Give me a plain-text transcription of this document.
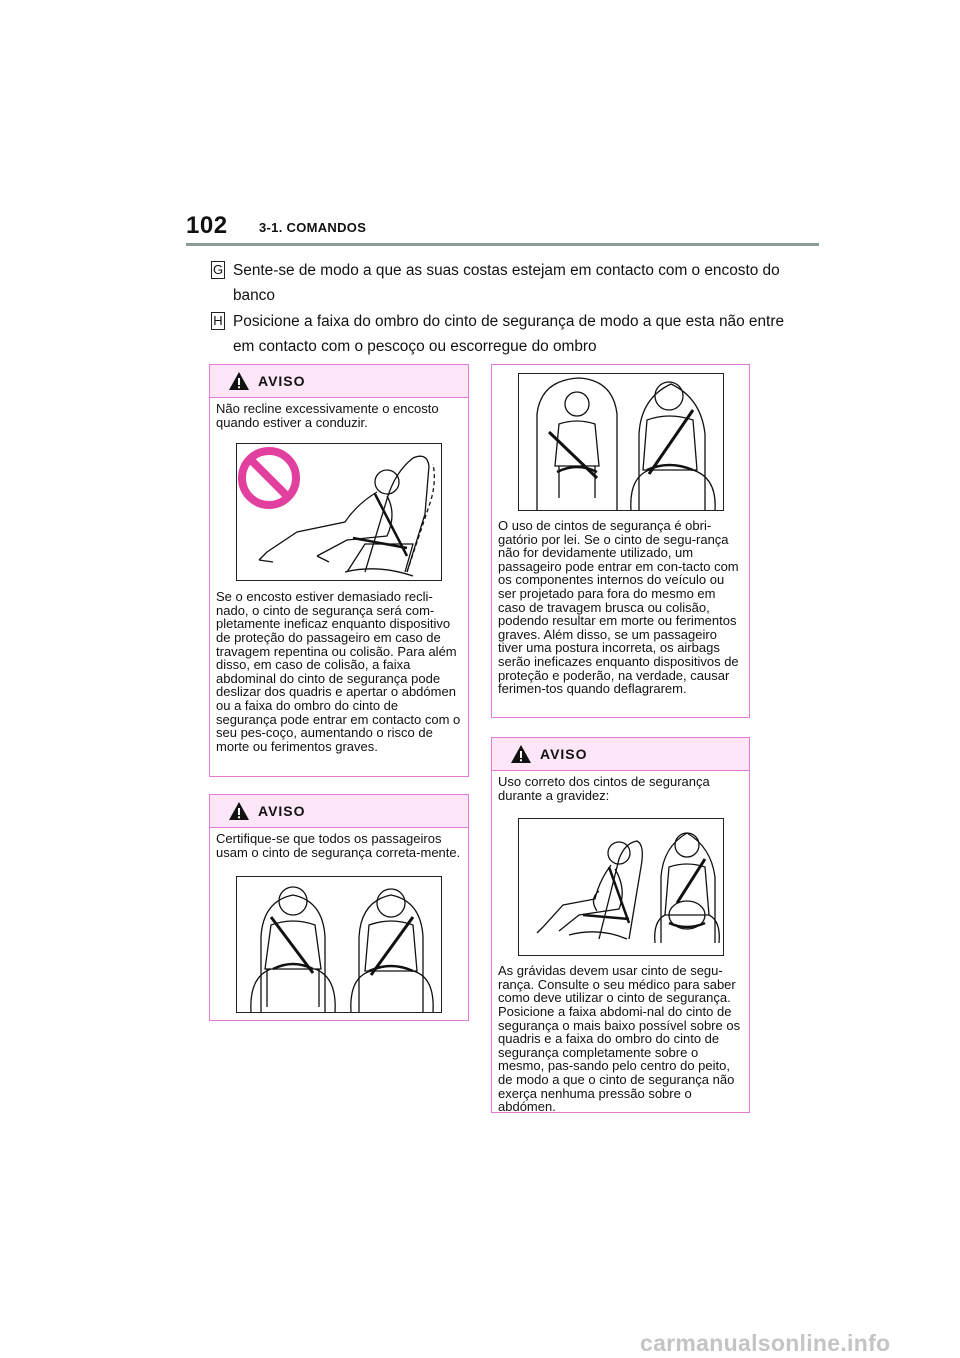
102 3-1. COMANDOS
G Sente-se de modo a que as suas costas estejam em contacto com o encosto do banco
H Posicione a faixa do ombro do cinto de segurança de modo a que esta não entre em contacto com o pescoço ou escorregue do ombro
AVISO
Não recline excessivamente o encosto quando estiver a conduzir.
Se o encosto estiver demasiado recli-nado, o cinto de segurança será com-pletamente ineficaz enquanto dispositivo de proteção do passageiro em caso de travagem repentina ou colisão. Para além disso, em caso de colisão, a faixa abdominal do cinto de segurança pode deslizar dos quadris e apertar o abdómen ou a faixa do ombro do cinto de segurança pode entrar em contacto com o seu pes-coço, aumentando o risco de morte ou ferimentos graves.
AVISO
Certifique-se que todos os passageiros usam o cinto de segurança correta-mente.
O uso de cintos de segurança é obri-gatório por lei. Se o cinto de segu-rança não for devidamente utilizado, um passageiro pode entrar em con-tacto com os componentes internos do veículo ou ser projetado para fora do mesmo em caso de travagem brusca ou colisão, podendo resultar em morte ou ferimentos graves. Além disso, se um passageiro tiver uma postura incorreta, os airbags serão ineficazes enquanto dispositivos de proteção e poderão, na verdade, causar ferimen-tos quando deflagrarem.
AVISO
Uso correto dos cintos de segurança durante a gravidez:
As grávidas devem usar cinto de segu-rança. Consulte o seu médico para saber como deve utilizar o cinto de segurança. Posicione a faixa abdomi-nal do cinto de segurança o mais baixo possível sobre os quadris e a faixa do ombro do cinto de segurança completamente sobre o mesmo, pas-sando pelo centro do peito, de modo a que o cinto de segurança não exerça nenhuma pressão sobre o abdómen.
carmanualsonline.info
